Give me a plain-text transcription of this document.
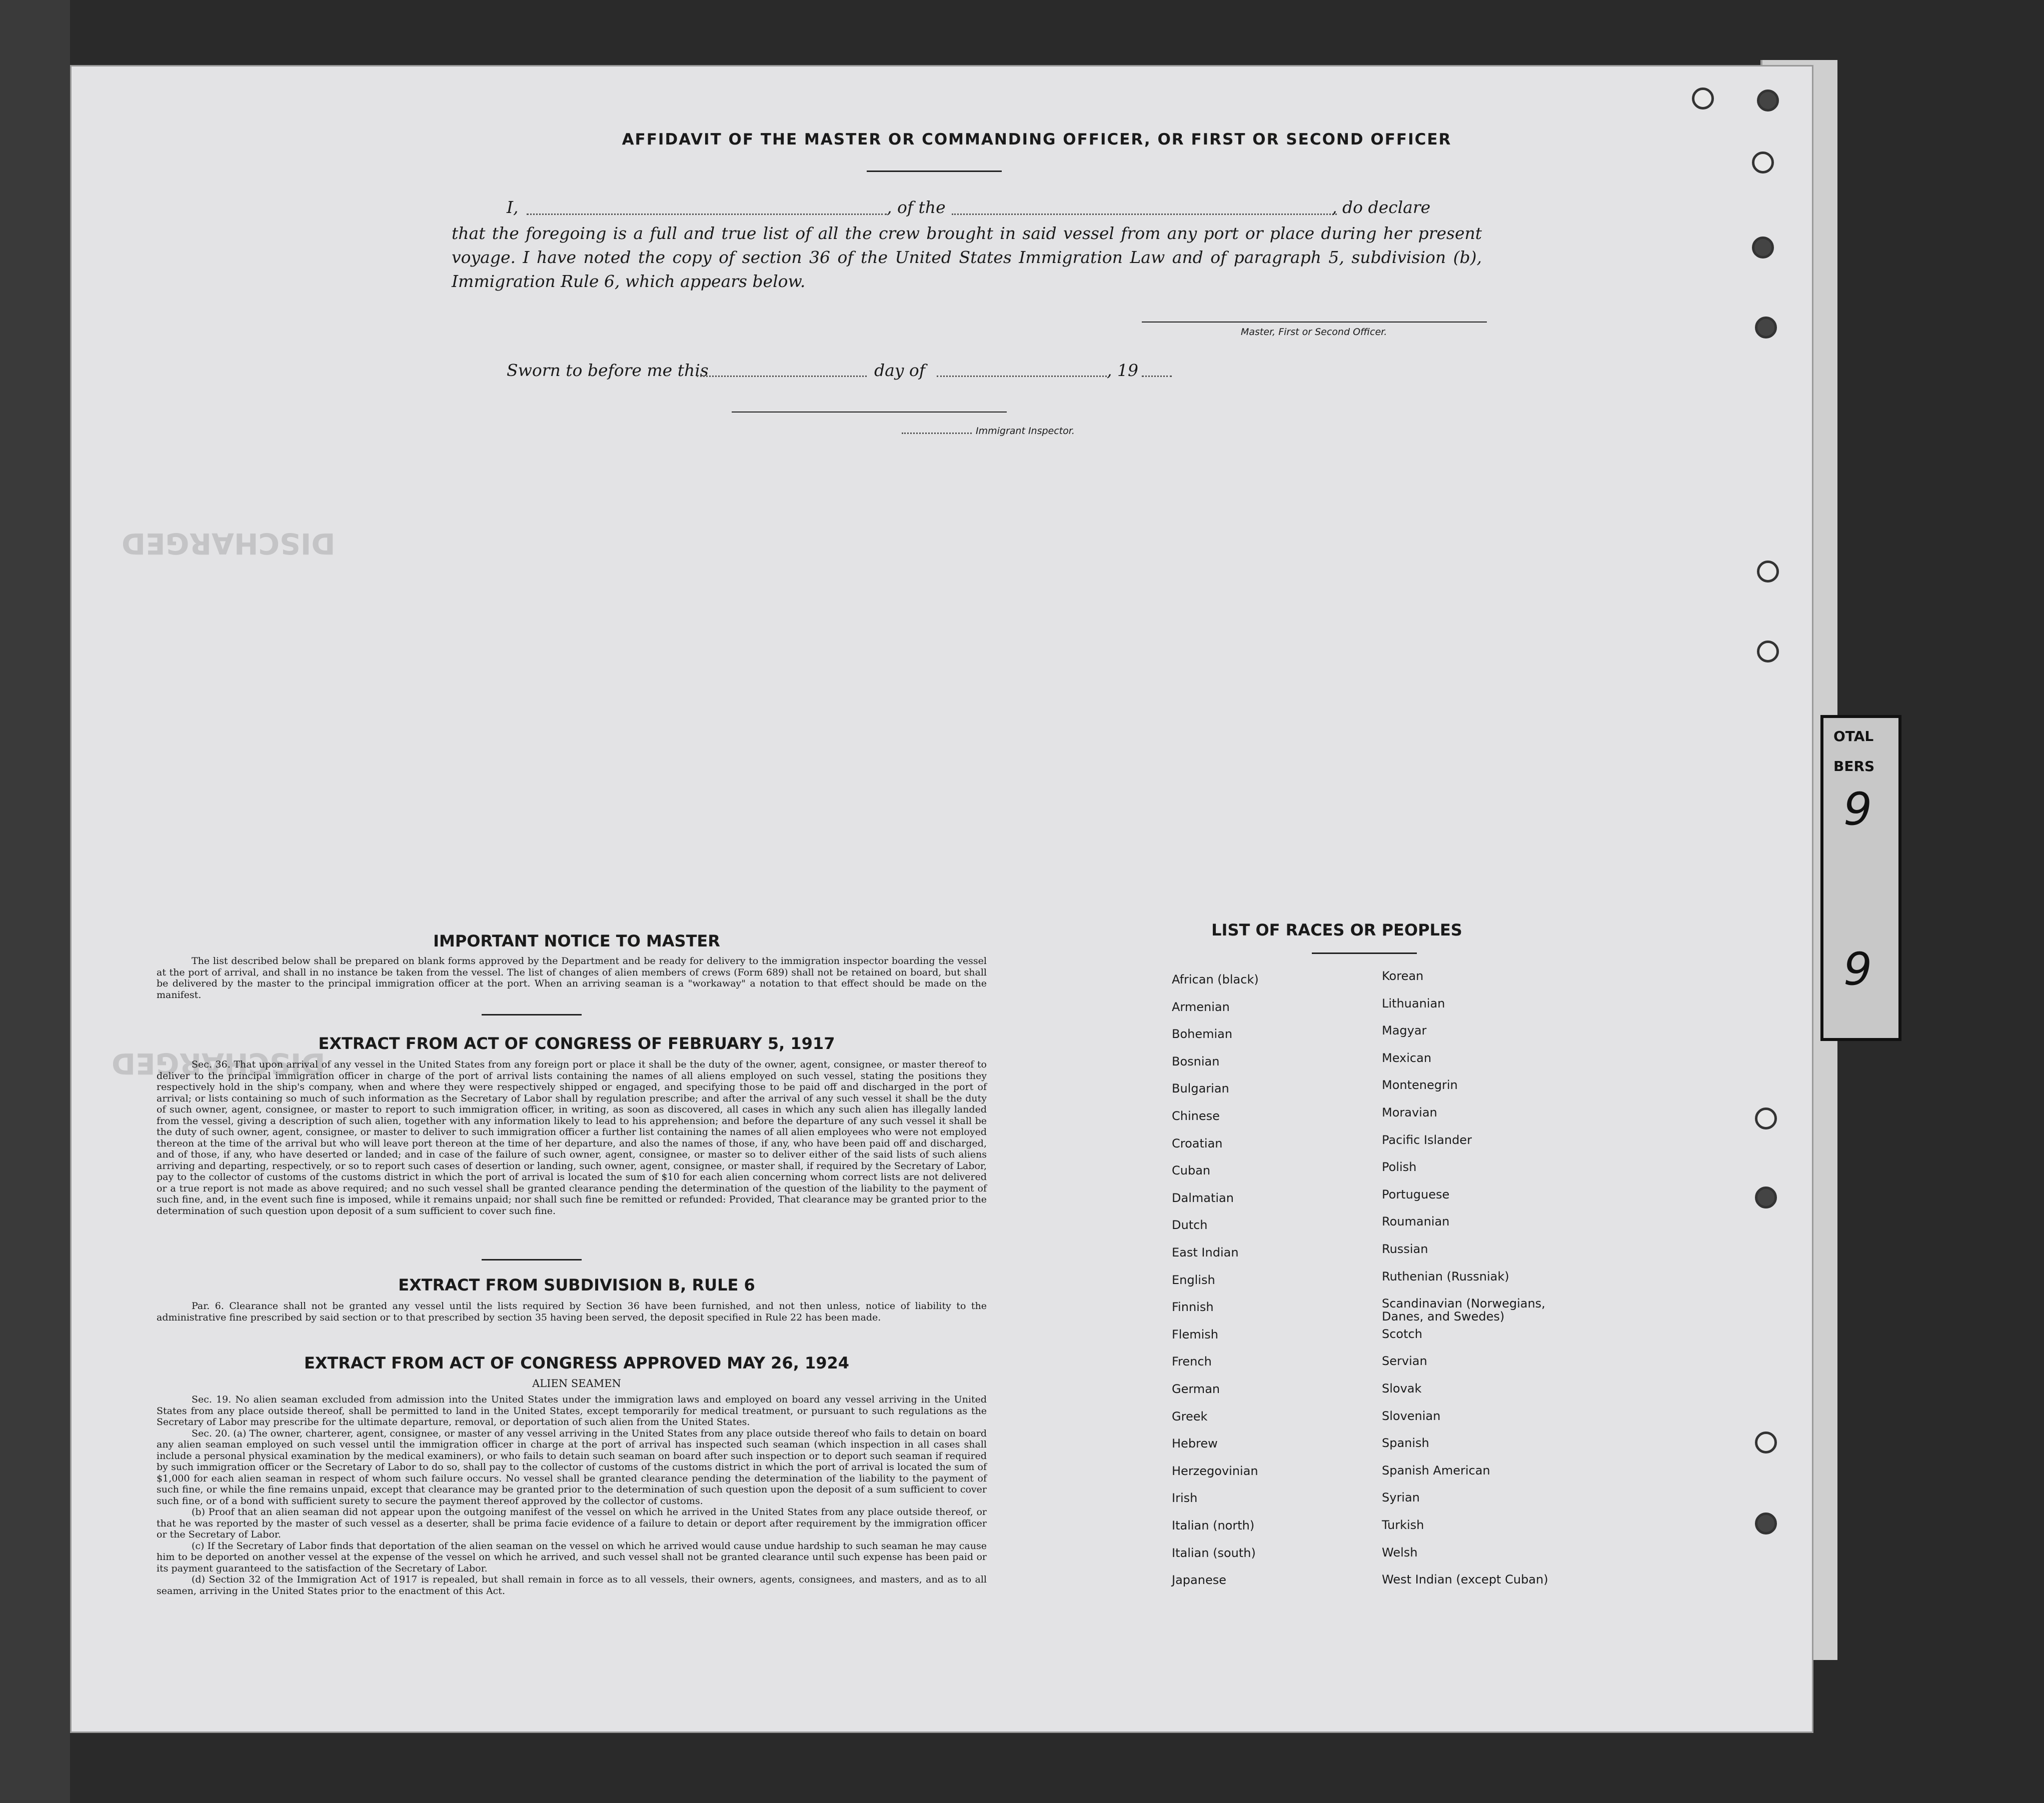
OTAL
BERS
9
9
DISCHARGED
DISCHARGED
AFFIDAVIT OF THE MASTER OR COMMANDING OFFICER, OR FIRST OR SECOND OFFICER
I,	, of the	, do declare
that the foregoing is a full and true list of all the crew brought in said vessel from any port or place during her present voyage. I have noted the copy of section 36 of the United States Immigration Law and of paragraph 5, subdivision (b), Immigration Rule 6, which appears below.
Master, First or Second Officer.
Sworn to before me this	day of	, 19
Immigrant Inspector.
IMPORTANT NOTICE TO MASTER

The list described below shall be prepared on blank forms approved by the Department and be ready for delivery to the immigration inspector boarding the vessel at the port of arrival, and shall in no instance be taken from the vessel. The list of changes of alien members of crews (Form 689) shall not be retained on board, but shall be delivered by the master to the principal immigration officer at the port. When an arriving seaman is a "workaway" a notation to that effect should be made on the manifest.

EXTRACT FROM ACT OF CONGRESS OF FEBRUARY 5, 1917

Sec. 36. That upon arrival of any vessel in the United States from any foreign port or place it shall be the duty of the owner, agent, consignee, or master thereof to deliver to the principal immigration officer in charge of the port of arrival lists containing the names of all aliens employed on such vessel, stating the positions they respectively hold in the ship's company, when and where they were respectively shipped or engaged, and specifying those to be paid off and discharged in the port of arrival; or lists containing so much of such information as the Secretary of Labor shall by regulation prescribe; and after the arrival of any such vessel it shall be the duty of such owner, agent, consignee, or master to report to such immigration officer, in writing, as soon as discovered, all cases in which any such alien has illegally landed from the vessel, giving a description of such alien, together with any information likely to lead to his apprehension; and before the departure of any such vessel it shall be the duty of such owner, agent, consignee, or master to deliver to such immigration officer a further list containing the names of all alien employees who were not employed thereon at the time of the arrival but who will leave port thereon at the time of her departure, and also the names of those, if any, who have been paid off and discharged, and of those, if any, who have deserted or landed; and in case of the failure of such owner, agent, consignee, or master so to deliver either of the said lists of such aliens arriving and departing, respectively, or so to report such cases of desertion or landing, such owner, agent, consignee, or master shall, if required by the Secretary of Labor, pay to the collector of customs of the customs district in which the port of arrival is located the sum of $10 for each alien concerning whom correct lists are not delivered or a true report is not made as above required; and no such vessel shall be granted clearance pending the determination of the question of the liability to the payment of such fine, and, in the event such fine is imposed, while it remains unpaid; nor shall such fine be remitted or refunded: Provided, That clearance may be granted prior to the determination of such question upon deposit of a sum sufficient to cover such fine.

EXTRACT FROM SUBDIVISION B, RULE 6

Par. 6. Clearance shall not be granted any vessel until the lists required by Section 36 have been furnished, and not then unless, notice of liability to the administrative fine prescribed by said section or to that prescribed by section 35 having been served, the deposit specified in Rule 22 has been made.

EXTRACT FROM ACT OF CONGRESS APPROVED MAY 26, 1924
ALIEN SEAMEN

Sec. 19. No alien seaman excluded from admission into the United States under the immigration laws and employed on board any vessel arriving in the United States from any place outside thereof, shall be permitted to land in the United States, except temporarily for medical treatment, or pursuant to such regulations as the Secretary of Labor may prescribe for the ultimate departure, removal, or deportation of such alien from the United States.

Sec. 20. (a) The owner, charterer, agent, consignee, or master of any vessel arriving in the United States from any place outside thereof who fails to detain on board any alien seaman employed on such vessel until the immigration officer in charge at the port of arrival has inspected such seaman (which inspection in all cases shall include a personal physical examination by the medical examiners), or who fails to detain such seaman on board after such inspection or to deport such seaman if required by such immigration officer or the Secretary of Labor to do so, shall pay to the collector of customs of the customs district in which the port of arrival is located the sum of $1,000 for each alien seaman in respect of whom such failure occurs. No vessel shall be granted clearance pending the determination of the liability to the payment of such fine, or while the fine remains unpaid, except that clearance may be granted prior to the determination of such question upon the deposit of a sum sufficient to cover such fine, or of a bond with sufficient surety to secure the payment thereof approved by the collector of customs.

(b) Proof that an alien seaman did not appear upon the outgoing manifest of the vessel on which he arrived in the United States from any place outside thereof, or that he was reported by the master of such vessel as a deserter, shall be prima facie evidence of a failure to detain or deport after requirement by the immigration officer or the Secretary of Labor.

(c) If the Secretary of Labor finds that deportation of the alien seaman on the vessel on which he arrived would cause undue hardship to such seaman he may cause him to be deported on another vessel at the expense of the vessel on which he arrived, and such vessel shall not be granted clearance until such expense has been paid or its payment guaranteed to the satisfaction of the Secretary of Labor.

(d) Section 32 of the Immigration Act of 1917 is repealed, but shall remain in force as to all vessels, their owners, agents, consignees, and masters, and as to all seamen, arriving in the United States prior to the enactment of this Act.

LIST OF RACES OR PEOPLES
African (black)
Armenian
Bohemian
Bosnian
Bulgarian
Chinese
Croatian
Cuban
Dalmatian
Dutch
East Indian
English
Finnish
Flemish
French
German
Greek
Hebrew
Herzegovinian
Irish
Italian (north)
Italian (south)
Japanese
Korean
Lithuanian
Magyar
Mexican
Montenegrin
Moravian
Pacific Islander
Polish
Portuguese
Roumanian
Russian
Ruthenian (Russniak)
Scandinavian (Norwegians,
Danes, and Swedes)
Scotch
Servian
Slovak
Slovenian
Spanish
Spanish American
Syrian
Turkish
Welsh
West Indian (except Cuban)
